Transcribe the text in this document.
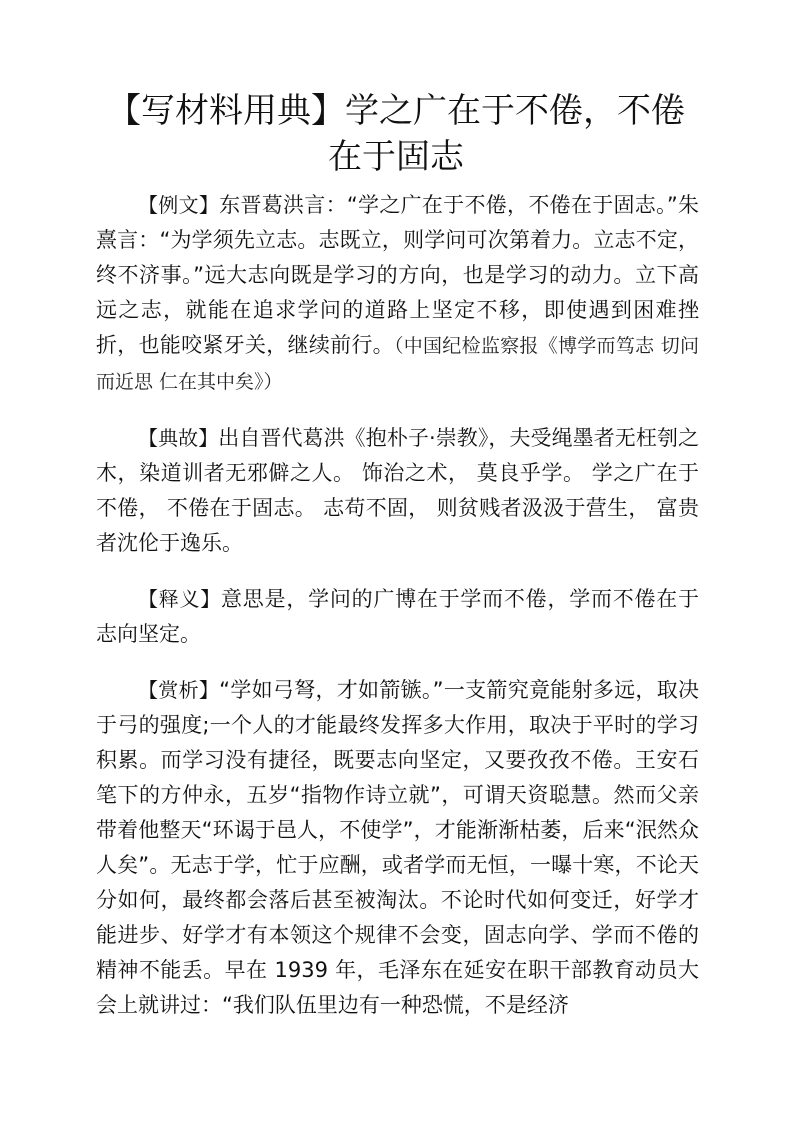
【写材料用典】学之广在于不倦，不倦在于固志

【例文】东晋葛洪言：“学之广在于不倦，不倦在于固志。”朱熹言：“为学须先立志。志既立，则学问可次第着力。立志不定，终不济事。”远大志向既是学习的方向，也是学习的动力。立下高远之志，就能在追求学问的道路上坚定不移，即使遇到困难挫折，也能咬紧牙关，继续前行。（中国纪检监察报《博学而笃志 切问而近思 仁在其中矣》）

【典故】出自晋代葛洪《抱朴子·崇教》，夫受绳墨者无枉刳之木，染道训者无邪僻之人。 饰治之术， 莫良乎学。 学之广在于不倦， 不倦在于固志。 志苟不固， 则贫贱者汲汲于营生， 富贵者沈伦于逸乐。

【释义】意思是，学问的广博在于学而不倦，学而不倦在于志向坚定。

【赏析】“学如弓弩，才如箭镞。”一支箭究竟能射多远，取决于弓的强度;一个人的才能最终发挥多大作用，取决于平时的学习积累。而学习没有捷径，既要志向坚定，又要孜孜不倦。王安石笔下的方仲永，五岁“指物作诗立就”，可谓天资聪慧。然而父亲带着他整天“环谒于邑人，不使学”，才能渐渐枯萎，后来“泯然众人矣”。无志于学，忙于应酬，或者学而无恒，一曝十寒，不论天分如何，最终都会落后甚至被淘汰。不论时代如何变迁，好学才能进步、好学才有本领这个规律不会变，固志向学、学而不倦的精神不能丢。早在 1939 年，毛泽东在延安在职干部教育动员大会上就讲过：“我们队伍里边有一种恐慌，不是经济
